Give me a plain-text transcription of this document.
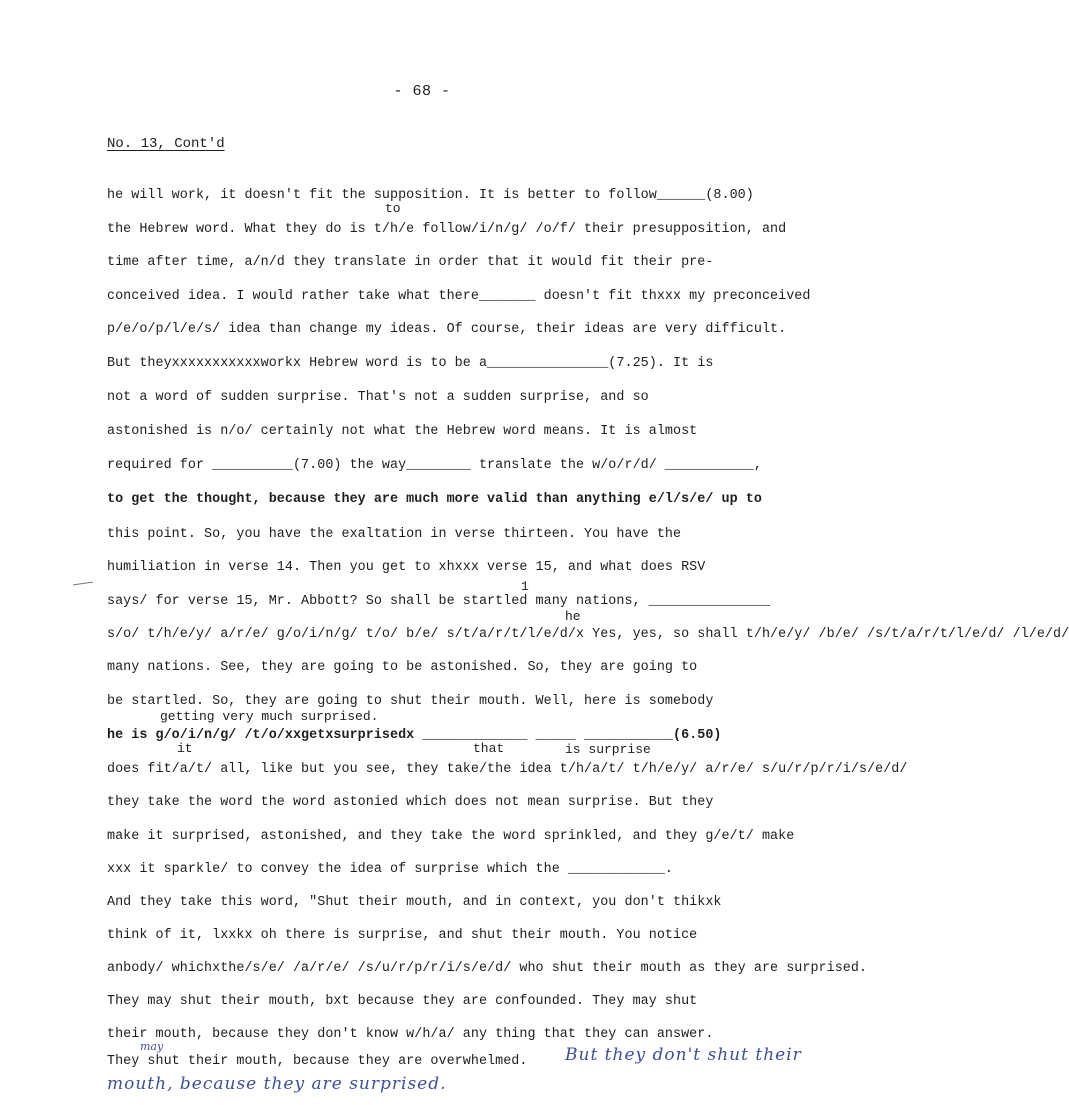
- 68 -
No. 13, Cont'd
to
1
he
getting very much surprised.
it	that	is surprise
he will work, it doesn't fit the supposition. It is better to follow______(8.00)
the Hebrew word. What they do is t/h/e follow/i/n/g/ /o/f/ their presupposition, and
time after time, a/n/d they translate in order that it would fit their pre-
conceived idea. I would rather take what there_______ doesn't fit thxxx my preconceived
p/e/o/p/l/e/s/ idea than change my ideas. Of course, their ideas are very difficult.
But theyxxxxxxxxxxxworkx Hebrew word is to be a_______________(7.25). It is
not a word of sudden surprise. That's not a sudden surprise, and so
astonished is n/o/ certainly not what the Hebrew word means. It is almost
required for __________(7.00) the way________ translate the w/o/r/d/ ___________,
to get the thought, because they are much more valid than anything e/l/s/e/ up to
this point. So, you have the exaltation in verse thirteen. You have the
humiliation in verse 14. Then you get to xhxxx verse 15, and what does RSV
says/ for verse 15, Mr. Abbott? So shall be startled many nations, _______________
s/o/ t/h/e/y/ a/r/e/ g/o/i/n/g/ t/o/ b/e/ s/t/a/r/t/l/e/d/x Yes, yes, so shall t/h/e/y/ /b/e/ /s/t/a/r/t/l/e/d/ /l/e/d/
many nations. See, they are going to be astonished. So, they are going to
be startled. So, they are going to shut their mouth. Well, here is somebody
he is g/o/i/n/g/ /t/o/xxgetxsurprisedx _____________ _____ ___________(6.50)
does fit/a/t/ all, like but you see, they take/the idea t/h/a/t/ t/h/e/y/ a/r/e/ s/u/r/p/r/i/s/e/d/
they take the word the word astonied which does not mean surprise. But they
make it surprised, astonished, and they take the word sprinkled, and they g/e/t/ make
xxx it sparkle/ to convey the idea of surprise which the ____________.
And they take this word, "Shut their mouth, and in context, you don't thikxk
think of it, lxxkx oh there is surprise, and shut their mouth. You notice
anbody/ whichxthe/s/e/ /a/r/e/ /s/u/r/p/r/i/s/e/d/ who shut their mouth as they are surprised.
They may shut their mouth, bxt because they are confounded. They may shut
their mouth, because they don't know w/h/a/ any thing that they can answer.
They shut their mouth, because they are overwhelmed.
may	But they don't shut their
mouth, because they are surprised.
